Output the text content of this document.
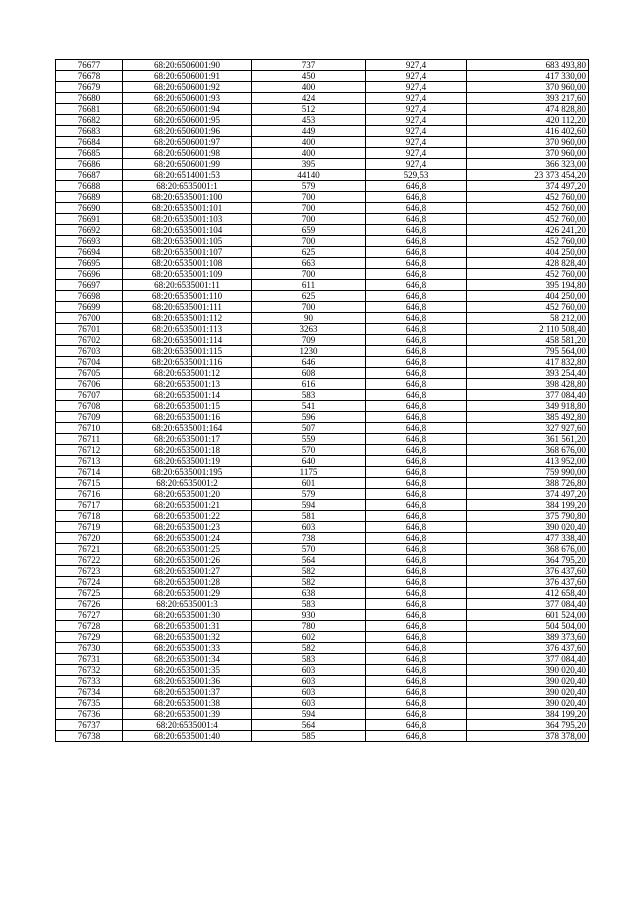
76677	68:20:6506001:90	737	927,4	683 493,80
76678	68:20:6506001:91	450	927,4	417 330,00
76679	68:20:6506001:92	400	927,4	370 960,00
76680	68:20:6506001:93	424	927,4	393 217,60
76681	68:20:6506001:94	512	927,4	474 828,80
76682	68:20:6506001:95	453	927,4	420 112,20
76683	68:20:6506001:96	449	927,4	416 402,60
76684	68:20:6506001:97	400	927,4	370 960,00
76685	68:20:6506001:98	400	927,4	370 960,00
76686	68:20:6506001:99	395	927,4	366 323,00
76687	68:20:6514001:53	44140	529,53	23 373 454,20
76688	68:20:6535001:1	579	646,8	374 497,20
76689	68:20:6535001:100	700	646,8	452 760,00
76690	68:20:6535001:101	700	646,8	452 760,00
76691	68:20:6535001:103	700	646,8	452 760,00
76692	68:20:6535001:104	659	646,8	426 241,20
76693	68:20:6535001:105	700	646,8	452 760,00
76694	68:20:6535001:107	625	646,8	404 250,00
76695	68:20:6535001:108	663	646,8	428 828,40
76696	68:20:6535001:109	700	646,8	452 760,00
76697	68:20:6535001:11	611	646,8	395 194,80
76698	68:20:6535001:110	625	646,8	404 250,00
76699	68:20:6535001:111	700	646,8	452 760,00
76700	68:20:6535001:112	90	646,8	58 212,00
76701	68:20:6535001:113	3263	646,8	2 110 508,40
76702	68:20:6535001:114	709	646,8	458 581,20
76703	68:20:6535001:115	1230	646,8	795 564,00
76704	68:20:6535001:116	646	646,8	417 832,80
76705	68:20:6535001:12	608	646,8	393 254,40
76706	68:20:6535001:13	616	646,8	398 428,80
76707	68:20:6535001:14	583	646,8	377 084,40
76708	68:20:6535001:15	541	646,8	349 918,80
76709	68:20:6535001:16	596	646,8	385 492,80
76710	68:20:6535001:164	507	646,8	327 927,60
76711	68:20:6535001:17	559	646,8	361 561,20
76712	68:20:6535001:18	570	646,8	368 676,00
76713	68:20:6535001:19	640	646,8	413 952,00
76714	68:20:6535001:195	1175	646,8	759 990,00
76715	68:20:6535001:2	601	646,8	388 726,80
76716	68:20:6535001:20	579	646,8	374 497,20
76717	68:20:6535001:21	594	646,8	384 199,20
76718	68:20:6535001:22	581	646,8	375 790,80
76719	68:20:6535001:23	603	646,8	390 020,40
76720	68:20:6535001:24	738	646,8	477 338,40
76721	68:20:6535001:25	570	646,8	368 676,00
76722	68:20:6535001:26	564	646,8	364 795,20
76723	68:20:6535001:27	582	646,8	376 437,60
76724	68:20:6535001:28	582	646,8	376 437,60
76725	68:20:6535001:29	638	646,8	412 658,40
76726	68:20:6535001:3	583	646,8	377 084,40
76727	68:20:6535001:30	930	646,8	601 524,00
76728	68:20:6535001:31	780	646,8	504 504,00
76729	68:20:6535001:32	602	646,8	389 373,60
76730	68:20:6535001:33	582	646,8	376 437,60
76731	68:20:6535001:34	583	646,8	377 084,40
76732	68:20:6535001:35	603	646,8	390 020,40
76733	68:20:6535001:36	603	646,8	390 020,40
76734	68:20:6535001:37	603	646,8	390 020,40
76735	68:20:6535001:38	603	646,8	390 020,40
76736	68:20:6535001:39	594	646,8	384 199,20
76737	68:20:6535001:4	564	646,8	364 795,20
76738	68:20:6535001:40	585	646,8	378 378,00
